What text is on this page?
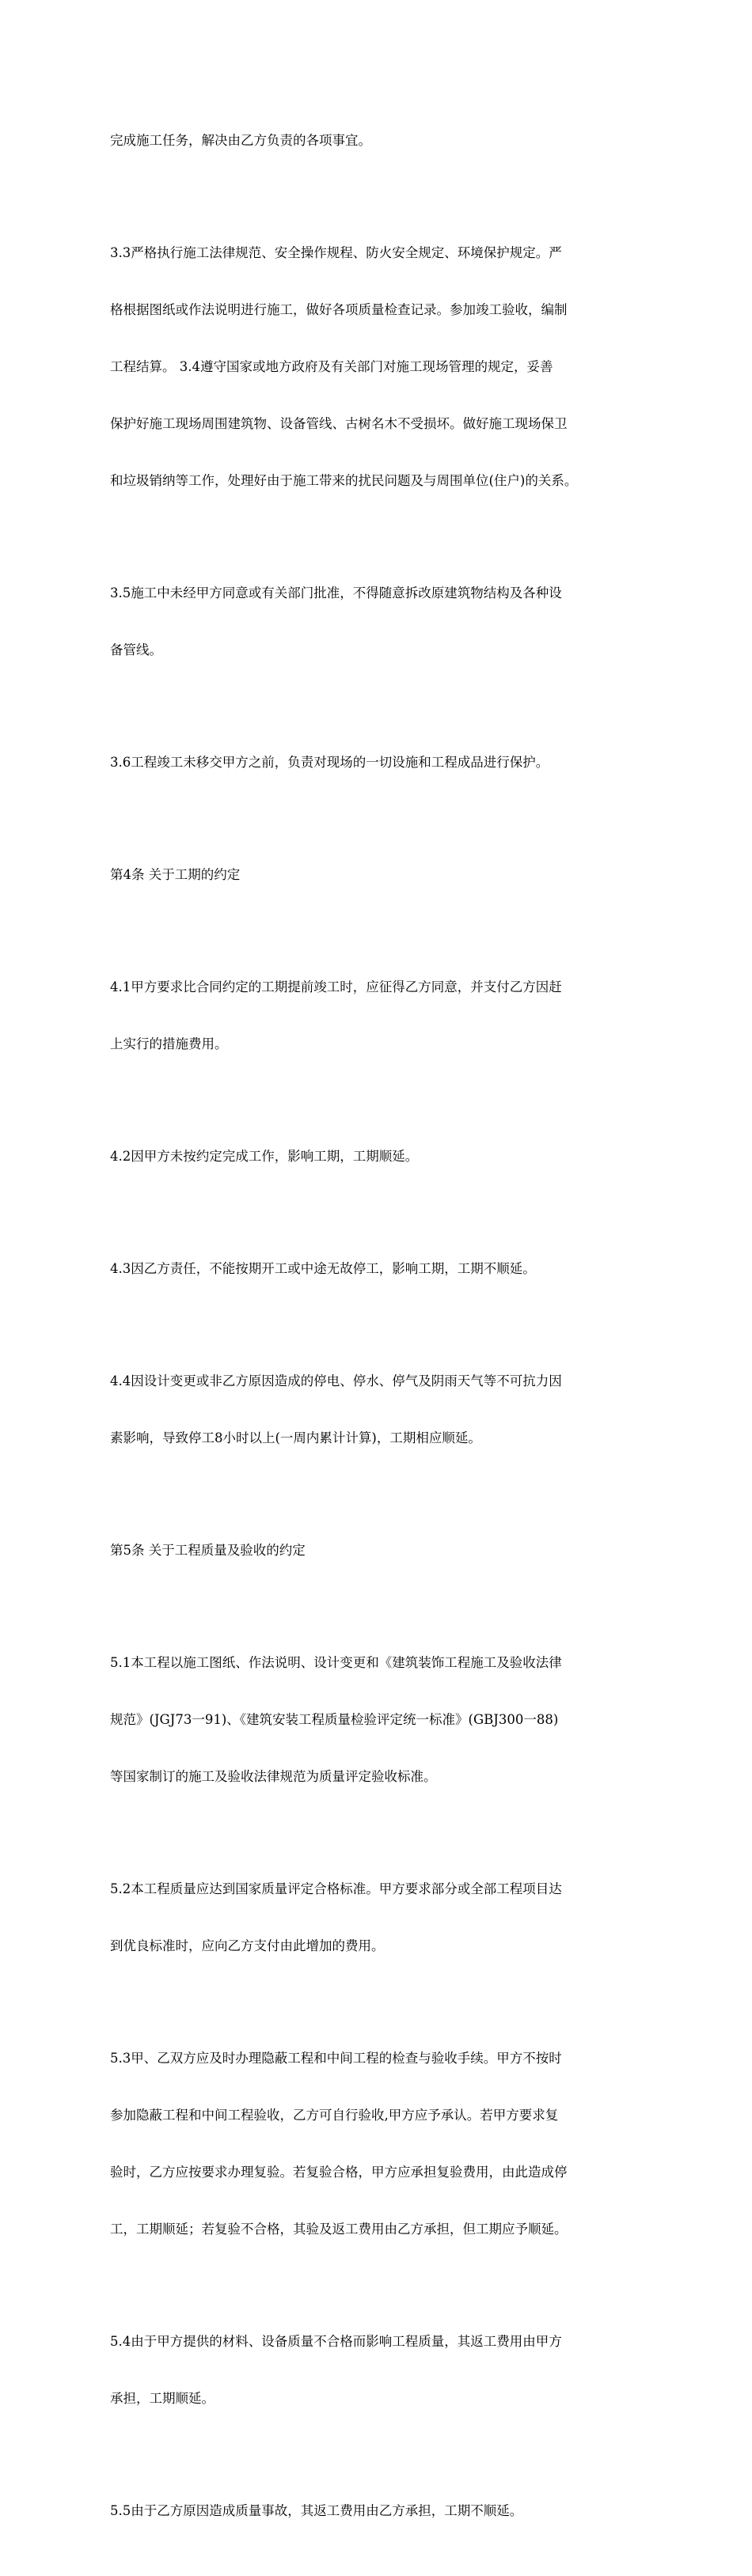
完成施工任务，解决由乙方负责的各项事宜。

3.3严格执行施工法律规范、安全操作规程、防火安全规定、环境保护规定。严

格根据图纸或作法说明进行施工，做好各项质量检查记录。参加竣工验收，编制

工程结算。 3.4遵守国家或地方政府及有关部门对施工现场管理的规定，妥善

保护好施工现场周围建筑物、设备管线、古树名木不受损坏。做好施工现场保卫

和垃圾销纳等工作，处理好由于施工带来的扰民问题及与周围单位(住户)的关系。

3.5施工中未经甲方同意或有关部门批准，不得随意拆改原建筑物结构及各种设

备管线。

3.6工程竣工未移交甲方之前，负责对现场的一切设施和工程成品进行保护。

第4条 关于工期的约定

4.1甲方要求比合同约定的工期提前竣工时，应征得乙方同意，并支付乙方因赶

上实行的措施费用。

4.2因甲方未按约定完成工作，影响工期，工期顺延。

4.3因乙方责任，不能按期开工或中途无故停工，影响工期，工期不顺延。

4.4因设计变更或非乙方原因造成的停电、停水、停气及阴雨天气等不可抗力因

素影响，导致停工8小时以上(一周内累计计算)，工期相应顺延。

第5条 关于工程质量及验收的约定

5.1本工程以施工图纸、作法说明、设计变更和《建筑装饰工程施工及验收法律

规范》(JGJ73一91)、《建筑安装工程质量检验评定统一标准》(GBJ300一88)

等国家制订的施工及验收法律规范为质量评定验收标准。

5.2本工程质量应达到国家质量评定合格标准。甲方要求部分或全部工程项目达

到优良标准时，应向乙方支付由此增加的费用。

5.3甲、乙双方应及时办理隐蔽工程和中间工程的检查与验收手续。甲方不按时

参加隐蔽工程和中间工程验收，乙方可自行验收,甲方应予承认。若甲方要求复

验时，乙方应按要求办理复验。若复验合格，甲方应承担复验费用，由此造成停

工，工期顺延；若复验不合格，其验及返工费用由乙方承担，但工期应予顺延。

5.4由于甲方提供的材料、设备质量不合格而影响工程质量，其返工费用由甲方

承担，工期顺延。

5.5由于乙方原因造成质量事故，其返工费用由乙方承担，工期不顺延。
